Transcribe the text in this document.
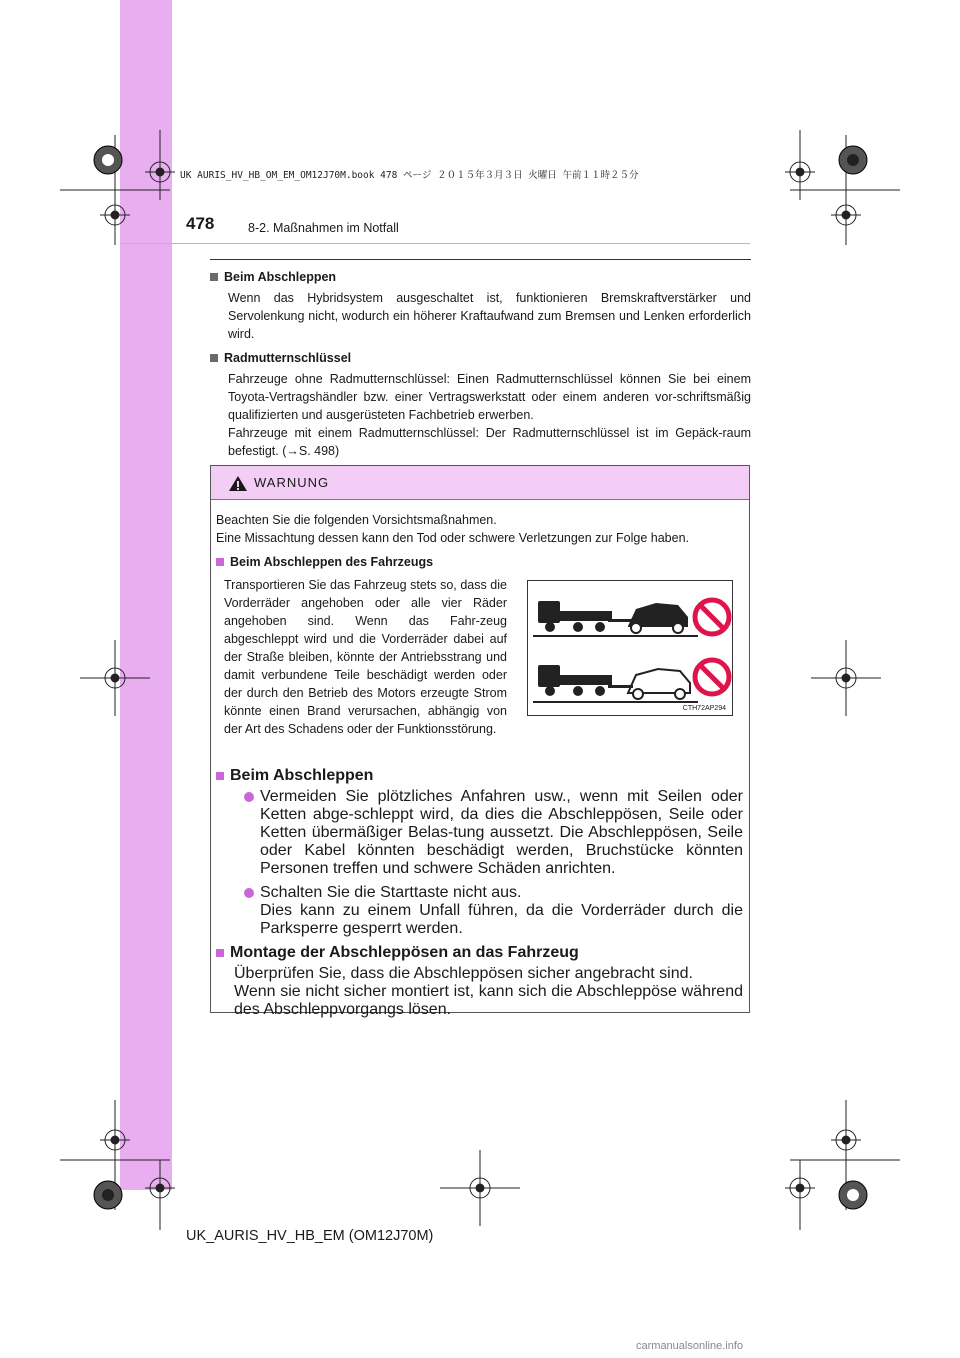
UK AURIS_HV_HB_OM_EM_OM12J70M.book 478 ページ ２０１５年３月３日 火曜日 午前１１時２５分
478	8-2. Maßnahmen im Notfall
Beim Abschleppen
Wenn das Hybridsystem ausgeschaltet ist, funktionieren Bremskraftverstärker und Servolenkung nicht, wodurch ein höherer Kraftaufwand zum Bremsen und Lenken erforderlich wird.
Radmutternschlüssel
Fahrzeuge ohne Radmutternschlüssel: Einen Radmutternschlüssel können Sie bei einem Toyota-Vertragshändler bzw. einer Vertragswerkstatt oder einem anderen vor-schriftsmäßig qualifizierten und ausgerüsteten Fachbetrieb erwerben.
Fahrzeuge mit einem Radmutternschlüssel: Der Radmutternschlüssel ist im Gepäck-raum befestigt. (→S. 498)
WARNUNG
Beachten Sie die folgenden Vorsichtsmaßnahmen.
Eine Missachtung dessen kann den Tod oder schwere Verletzungen zur Folge haben.
Beim Abschleppen des Fahrzeugs
Transportieren Sie das Fahrzeug stets so, dass die Vorderräder angehoben oder alle vier Räder angehoben sind. Wenn das Fahr-zeug abgeschleppt wird und die Vorderräder dabei auf der Straße bleiben, könnte der Antriebsstrang und damit verbundene Teile beschädigt werden oder der durch den Betrieb des Motors erzeugte Strom könnte einen Brand verursachen, abhängig von der Art des Schadens oder der Funktionsstörung.
CTH72AP294
Beim Abschleppen
Vermeiden Sie plötzliches Anfahren usw., wenn mit Seilen oder Ketten abge-schleppt wird, da dies die Abschleppösen, Seile oder Ketten übermäßiger Belas-tung aussetzt. Die Abschleppösen, Seile oder Kabel könnten beschädigt werden, Bruchstücke könnten Personen treffen und schwere Schäden anrichten.
Schalten Sie die Starttaste nicht aus.
Dies kann zu einem Unfall führen, da die Vorderräder durch die Parksperre gesperrt werden.
Montage der Abschleppösen an das Fahrzeug
Überprüfen Sie, dass die Abschleppösen sicher angebracht sind.
Wenn sie nicht sicher montiert ist, kann sich die Abschleppöse während des Abschleppvorgangs lösen.
UK_AURIS_HV_HB_EM (OM12J70M)
carmanualsonline.info
